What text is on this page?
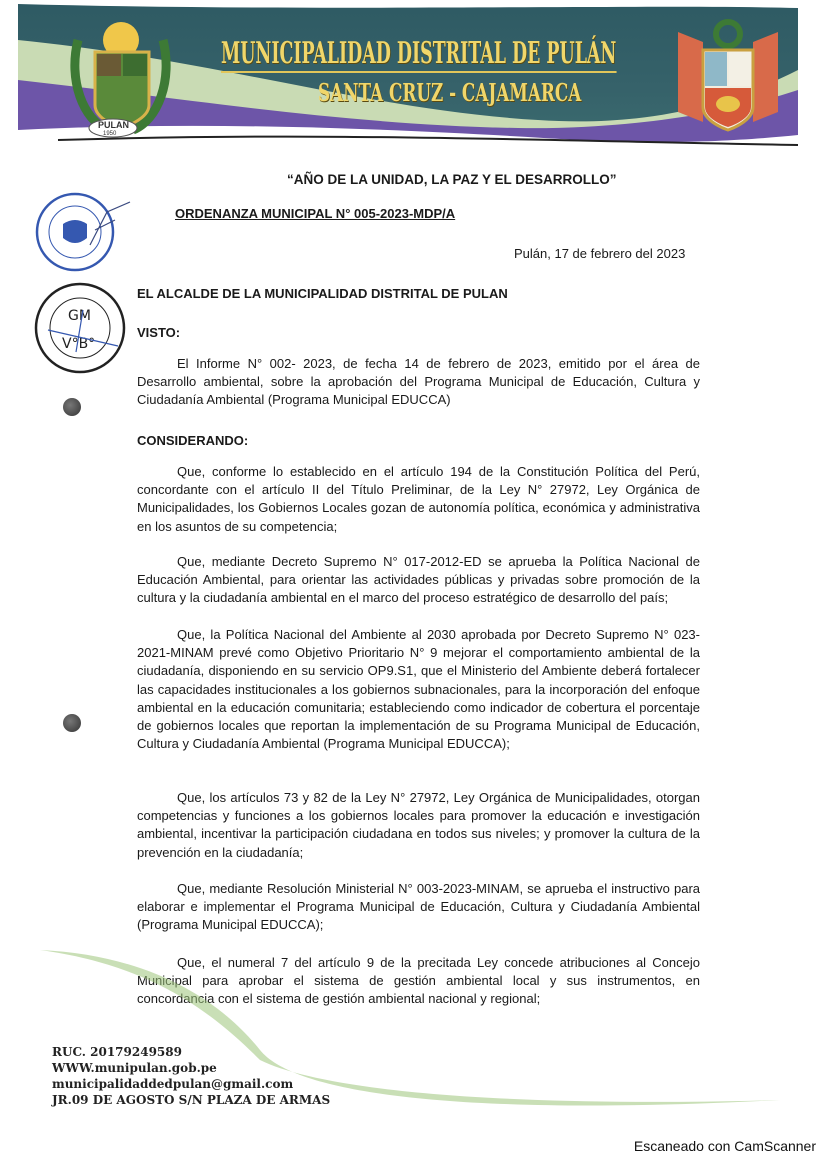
PULAN
1950
MUNICIPALIDAD DISTRITAL DE PULÁN
SANTA CRUZ - CAJAMARCA
“AÑO DE LA UNIDAD, LA PAZ Y EL DESARROLLO”
GM
V°B°
ORDENANZA MUNICIPAL N° 005-2023-MDP/A
Pulán, 17 de febrero del 2023
EL ALCALDE DE LA MUNICIPALIDAD DISTRITAL DE PULAN
VISTO:
El Informe N° 002- 2023, de fecha 14 de febrero de 2023, emitido por el área de Desarrollo ambiental, sobre la aprobación del Programa Municipal de Educación, Cultura y Ciudadanía Ambiental (Programa Municipal EDUCCA)
CONSIDERANDO:
Que, conforme lo establecido en el artículo 194 de la Constitución Política del Perú, concordante con el artículo II del Título Preliminar, de la Ley N° 27972, Ley Orgánica de Municipalidades, los Gobiernos Locales gozan de autonomía política, económica y administrativa en los asuntos de su competencia;
Que, mediante Decreto Supremo N° 017-2012-ED se aprueba la Política Nacional de Educación Ambiental, para orientar las actividades públicas y privadas sobre promoción de la cultura y la ciudadanía ambiental en el marco del proceso estratégico de desarrollo del país;
Que, la Política Nacional del Ambiente al 2030 aprobada por Decreto Supremo N° 023-2021-MINAM prevé como Objetivo Prioritario N° 9 mejorar el comportamiento ambiental de la ciudadanía, disponiendo en su servicio OP9.S1, que el Ministerio del Ambiente deberá fortalecer las capacidades institucionales a los gobiernos subnacionales, para la incorporación del enfoque ambiental en la educación comunitaria; estableciendo como indicador de cobertura el porcentaje de gobiernos locales que reportan la implementación de su Programa Municipal de Educación, Cultura y Ciudadanía Ambiental (Programa Municipal EDUCCA);
Que, los artículos 73 y 82 de la Ley N° 27972, Ley Orgánica de Municipalidades, otorgan competencias y funciones a los gobiernos locales para promover la educación e investigación ambiental, incentivar la participación ciudadana en todos sus niveles; y promover la cultura de la prevención en la ciudadanía;
Que, mediante Resolución Ministerial N° 003-2023-MINAM, se aprueba el instructivo para elaborar e implementar el Programa Municipal de Educación, Cultura y Ciudadanía Ambiental (Programa Municipal EDUCCA);
Que, el numeral 7 del artículo 9 de la precitada Ley concede atribuciones al Concejo Municipal para aprobar el sistema de gestión ambiental local y sus instrumentos, en concordancia con el sistema de gestión ambiental nacional y regional;
RUC. 20179249589
WWW.munipulan.gob.pe
municipalidaddedpulan@gmail.com
JR.09 DE AGOSTO S/N PLAZA DE ARMAS
Escaneado con CamScanner
